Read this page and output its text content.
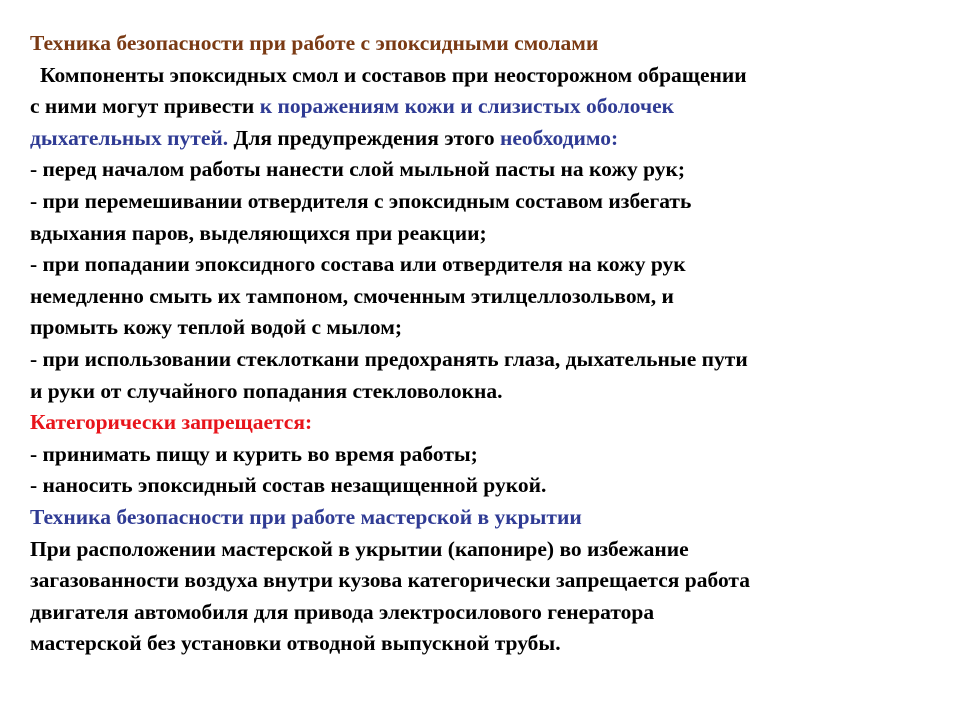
Техника безопасности при работе с эпоксидными смолами
Компоненты эпоксидных смол и составов при неосторожном обращении
с ними могут привести к поражениям кожи и слизистых оболочек
дыхательных путей. Для предупреждения этого необходимо:
- перед началом работы нанести слой мыльной пасты на кожу рук;
- при перемешивании отвердителя с эпоксидным составом избегать
вдыхания паров, выделяющихся при реакции;
- при попадании эпоксидного состава или отвердителя на кожу рук
немедленно смыть их тампоном, смоченным этилцеллозольвом, и
промыть кожу теплой водой с мылом;
- при использовании стеклоткани предохранять глаза, дыхательные пути
и руки от случайного попадания стекловолокна.
Категорически запрещается:
- принимать пищу и курить во время работы;
- наносить эпоксидный состав незащищенной рукой.
Техника безопасности при работе мастерской в укрытии
При расположении мастерской в укрытии (капонире) во избежание
загазованности воздуха внутри кузова категорически запрещается работа
двигателя автомобиля для привода электросилового генератора
мастерской без установки отводной выпускной трубы.
